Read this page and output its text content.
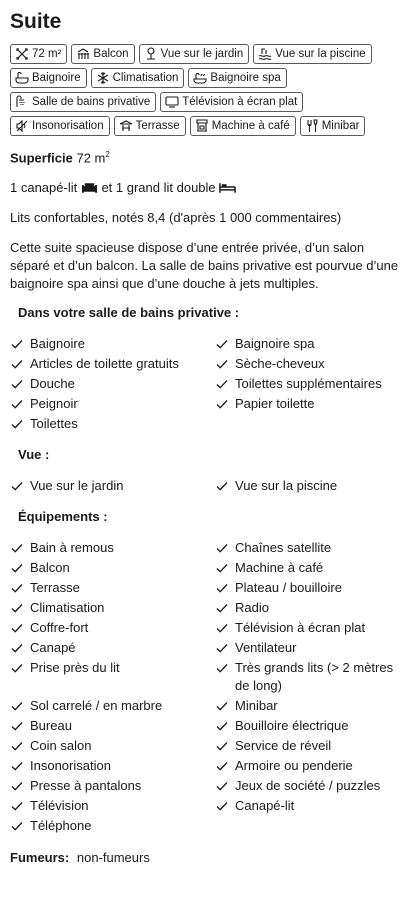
Suite
72 m²	Balcon	Vue sur le jardin	Vue sur la piscine
Baignoire	Climatisation	Baignoire spa
Salle de bains privative	Télévision à écran plat
Insonorisation	Terrasse	Machine à café	Minibar

Superficie 72 $m^2$

1 canapé-lit  et 1 grand lit double

Lits confortables, notés 8,4 (d'après 1 000 commentaires)

Cette suite spacieuse dispose d’une entrée privée, d’un salon séparé et d’un balcon. La salle de bains privative est pourvue d’une baignoire spa ainsi que d’une douche à jets multiples.

Dans votre salle de bains privative :
Baignoire	Baignoire spa
Articles de toilette gratuits	Sèche-cheveux
Douche	Toilettes supplémentaires
Peignoir	Papier toilette
Toilettes
Vue :
Vue sur le jardin	Vue sur la piscine
Équipements :
Bain à remous	Chaînes satellite
Balcon	Machine à café
Terrasse	Plateau / bouilloire
Climatisation	Radio
Coffre-fort	Télévision à écran plat
Canapé	Ventilateur
Prise près du lit	Très grands lits (> 2 mètres de long)
Sol carrelé / en marbre	Minibar
Bureau	Bouilloire électrique
Coin salon	Service de réveil
Insonorisation	Armoire ou penderie
Presse à pantalons	Jeux de société / puzzles
Télévision	Canapé-lit
Téléphone
Fumeurs: non-fumeurs
